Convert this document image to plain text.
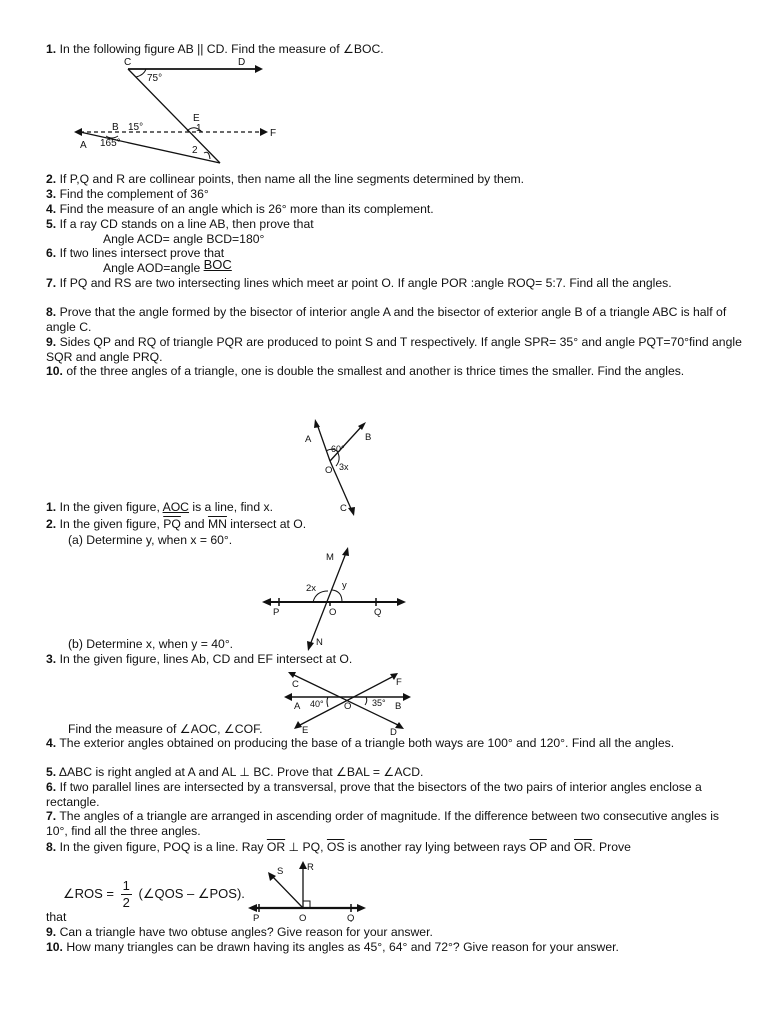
1. In the following figure AB || CD. Find the measure of ∠BOC.
C	D
75°
E
1
B 15°
F
A 165°
2
2. If P,Q and R are collinear points, then name all the line segments determined by them.
3. Find the complement of 36°
4. Find the measure of an angle which is 26° more than its complement.
5. If a ray CD stands on a line AB, then prove that
Angle ACD= angle BCD=180°
6. If two lines intersect prove that
Angle AOD=angle BOC
7. If PQ and RS are two intersecting lines which meet ar point O. If angle POR :angle ROQ= 5:7. Find all the angles.
8. Prove that the angle formed by the bisector of interior angle A and the bisector of exterior angle B of a triangle ABC is half of angle C.
9. Sides QP and RQ of triangle PQR are produced to point S and T respectively. If angle SPR= 35° and angle PQT=70°find angle SQR and angle PRQ.
10. of the three angles of a triangle, one is double the smallest and another is thrice times the smaller. Find the angles.
A	B
60°
O 3x
C
1. In the given figure, AOC is a line, find x.
2. In the given figure, $\overline{PQ}$ and $\overline{MN}$ intersect at O.
(a) Determine y, when x = 60°.
M
y
2x
P	O	Q
N
(b) Determine x, when y = 40°.
3. In the given figure, lines Ab, CD and EF intersect at O.
C	F
A 40° O 35° B
E	D
Find the measure of ∠AOC, ∠COF.
4. The exterior angles obtained on producing the base of a triangle both ways are 100° and 120°. Find all the angles.
5. ΔABC is right angled at A and AL ⊥ BC. Prove that ∠BAL = ∠ACD.
6. If two parallel lines are intersected by a transversal, prove that the bisectors of the two pairs of interior angles enclose a rectangle.
7. The angles of a triangle are arranged in ascending order of magnitude. If the difference between two consecutive angles is 10°, find all the three angles.
8. In the given figure, POQ is a line. Ray $\overline{OR}$ ⊥ PQ, $\overline{OS}$ is another ray lying between rays $\overline{OP}$ and $\overline{OR}$. Prove
∠ROS = $\frac{1}{2}$ (∠QOS – ∠POS).
S R
P	O	Q
that
9. Can a triangle have two obtuse angles? Give reason for your answer.
10. How many triangles can be drawn having its angles as 45°, 64° and 72°? Give reason for your answer.
